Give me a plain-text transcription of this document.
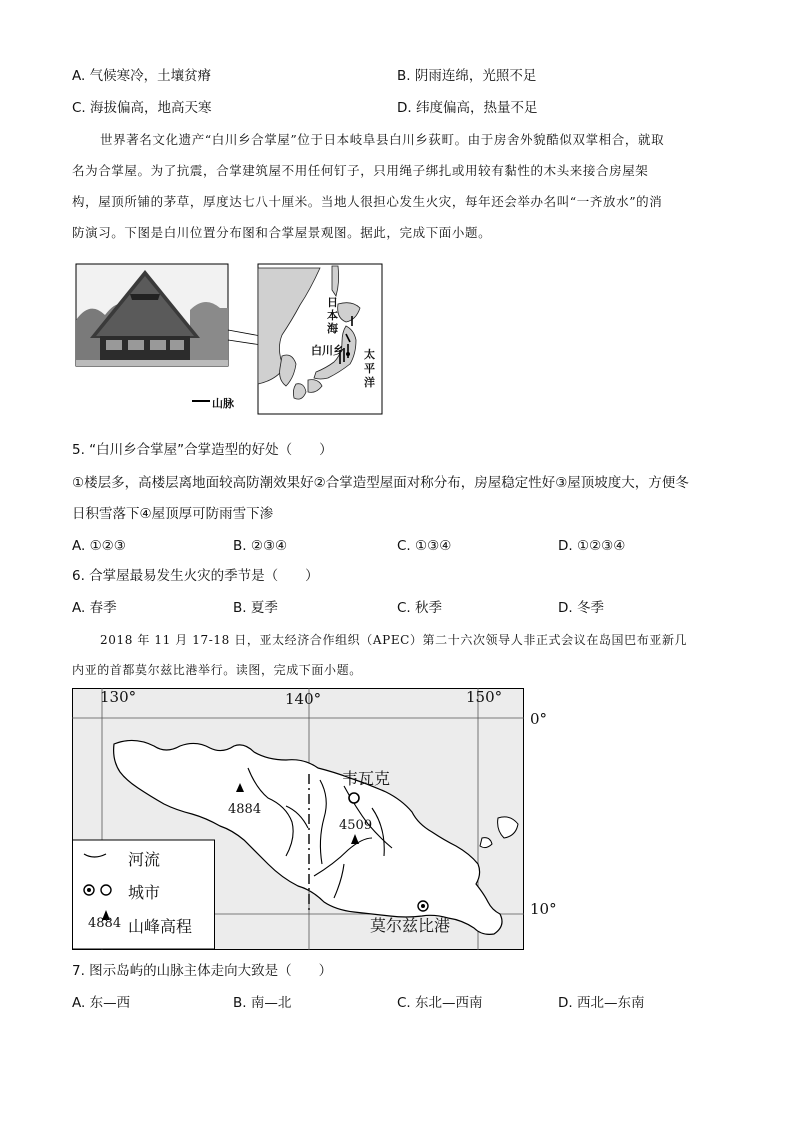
A. 气候寒冷，土壤贫瘠	B. 阴雨连绵，光照不足
C. 海拔偏高，地高天寒	D. 纬度偏高，热量不足
世界著名文化遗产“白川乡合掌屋”位于日本岐阜县白川乡荻町。由于房舍外貌酷似双掌相合，就取
名为合掌屋。为了抗震，合掌建筑屋不用任何钉子，只用绳子绑扎或用较有黏性的木头来接合房屋架
构，屋顶所铺的茅草，厚度达七八十厘米。当地人很担心发生火灾，每年还会举办名叫“一齐放水”的消
防演习。下图是白川位置分布图和合掌屋景观图。据此，完成下面小题。
日
本
海
白川乡 太
平
洋
山脉
5. “白川乡合掌屋”合掌造型的好处（　　）
①楼层多，高楼层离地面较高防潮效果好②合掌造型屋面对称分布，房屋稳定性好③屋顶坡度大，方便冬
日积雪落下④屋顶厚可防雨雪下渗
A. ①②③	B. ②③④	C. ①③④	D. ①②③④
6. 合掌屋最易发生火灾的季节是（　　）
A. 春季	B. 夏季	C. 秋季	D. 冬季
2018 年 11 月 17-18 日，亚太经济合作组织（APEC）第二十六次领导人非正式会议在岛国巴布亚新几
内亚的首都莫尔兹比港举行。读图，完成下面小题。
130°	140°	150°
0°
10°
韦瓦克
莫尔兹比港
4884
4509
河流
城市
4884 山峰高程
7. 图示岛屿的山脉主体走向大致是（　　）
A. 东—西	B. 南—北	C. 东北—西南	D. 西北—东南
